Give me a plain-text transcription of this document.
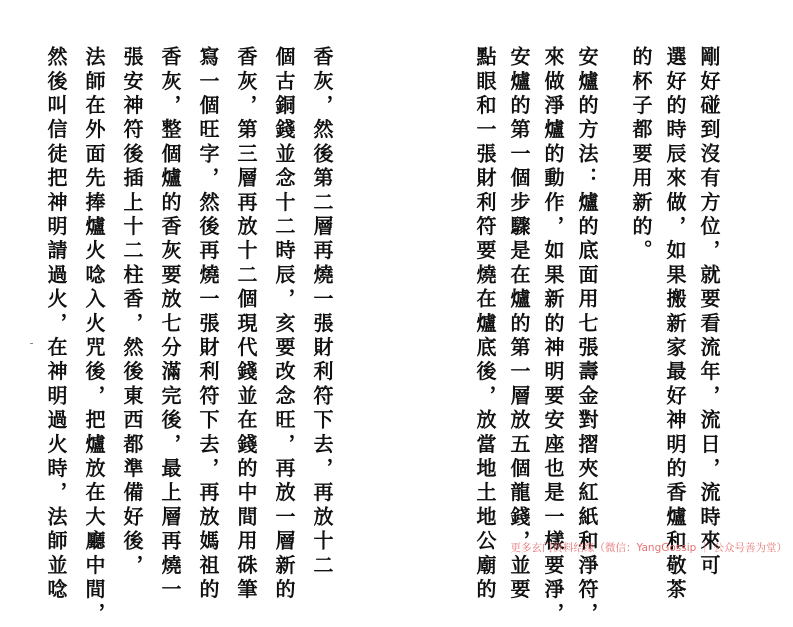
香灰，然後第二層再燒一張財利符下去，再放十二
個古銅錢並念十二時辰，亥要改念旺，再放一層新的
香灰，第三層再放十二個現代錢並在錢的中間用硃筆
寫一個旺字，然後再燒一張財利符下去，再放媽祖的
香灰，整個爐的香灰要放七分滿完後，最上層再燒一
張安神符後插上十二柱香，然後東西都準備好後，
法師在外面先捧爐火唸入火咒後，把爐放在大廳中間，
然後叫信徒把神明請過火，在神明過火時，法師並唸	剛好碰到沒有方位，就要看流年，流日，流時來可
選好的時辰來做，如果搬新家最好神明的香爐和敬茶
的杯子都要用新的。
安爐的方法：爐的底面用七張壽金對摺夾紅紙和淨符，
來做淨爐的動作，如果新的神明要安座也是一樣要淨，
安爐的第一個步驟是在爐的第一層放五個龍錢，並要
點眼和一張財利符要燒在爐底後，放當地土地公廟的 更多玄门资料结缘（微信：YangGossip ｜ 公众号善为堂）
